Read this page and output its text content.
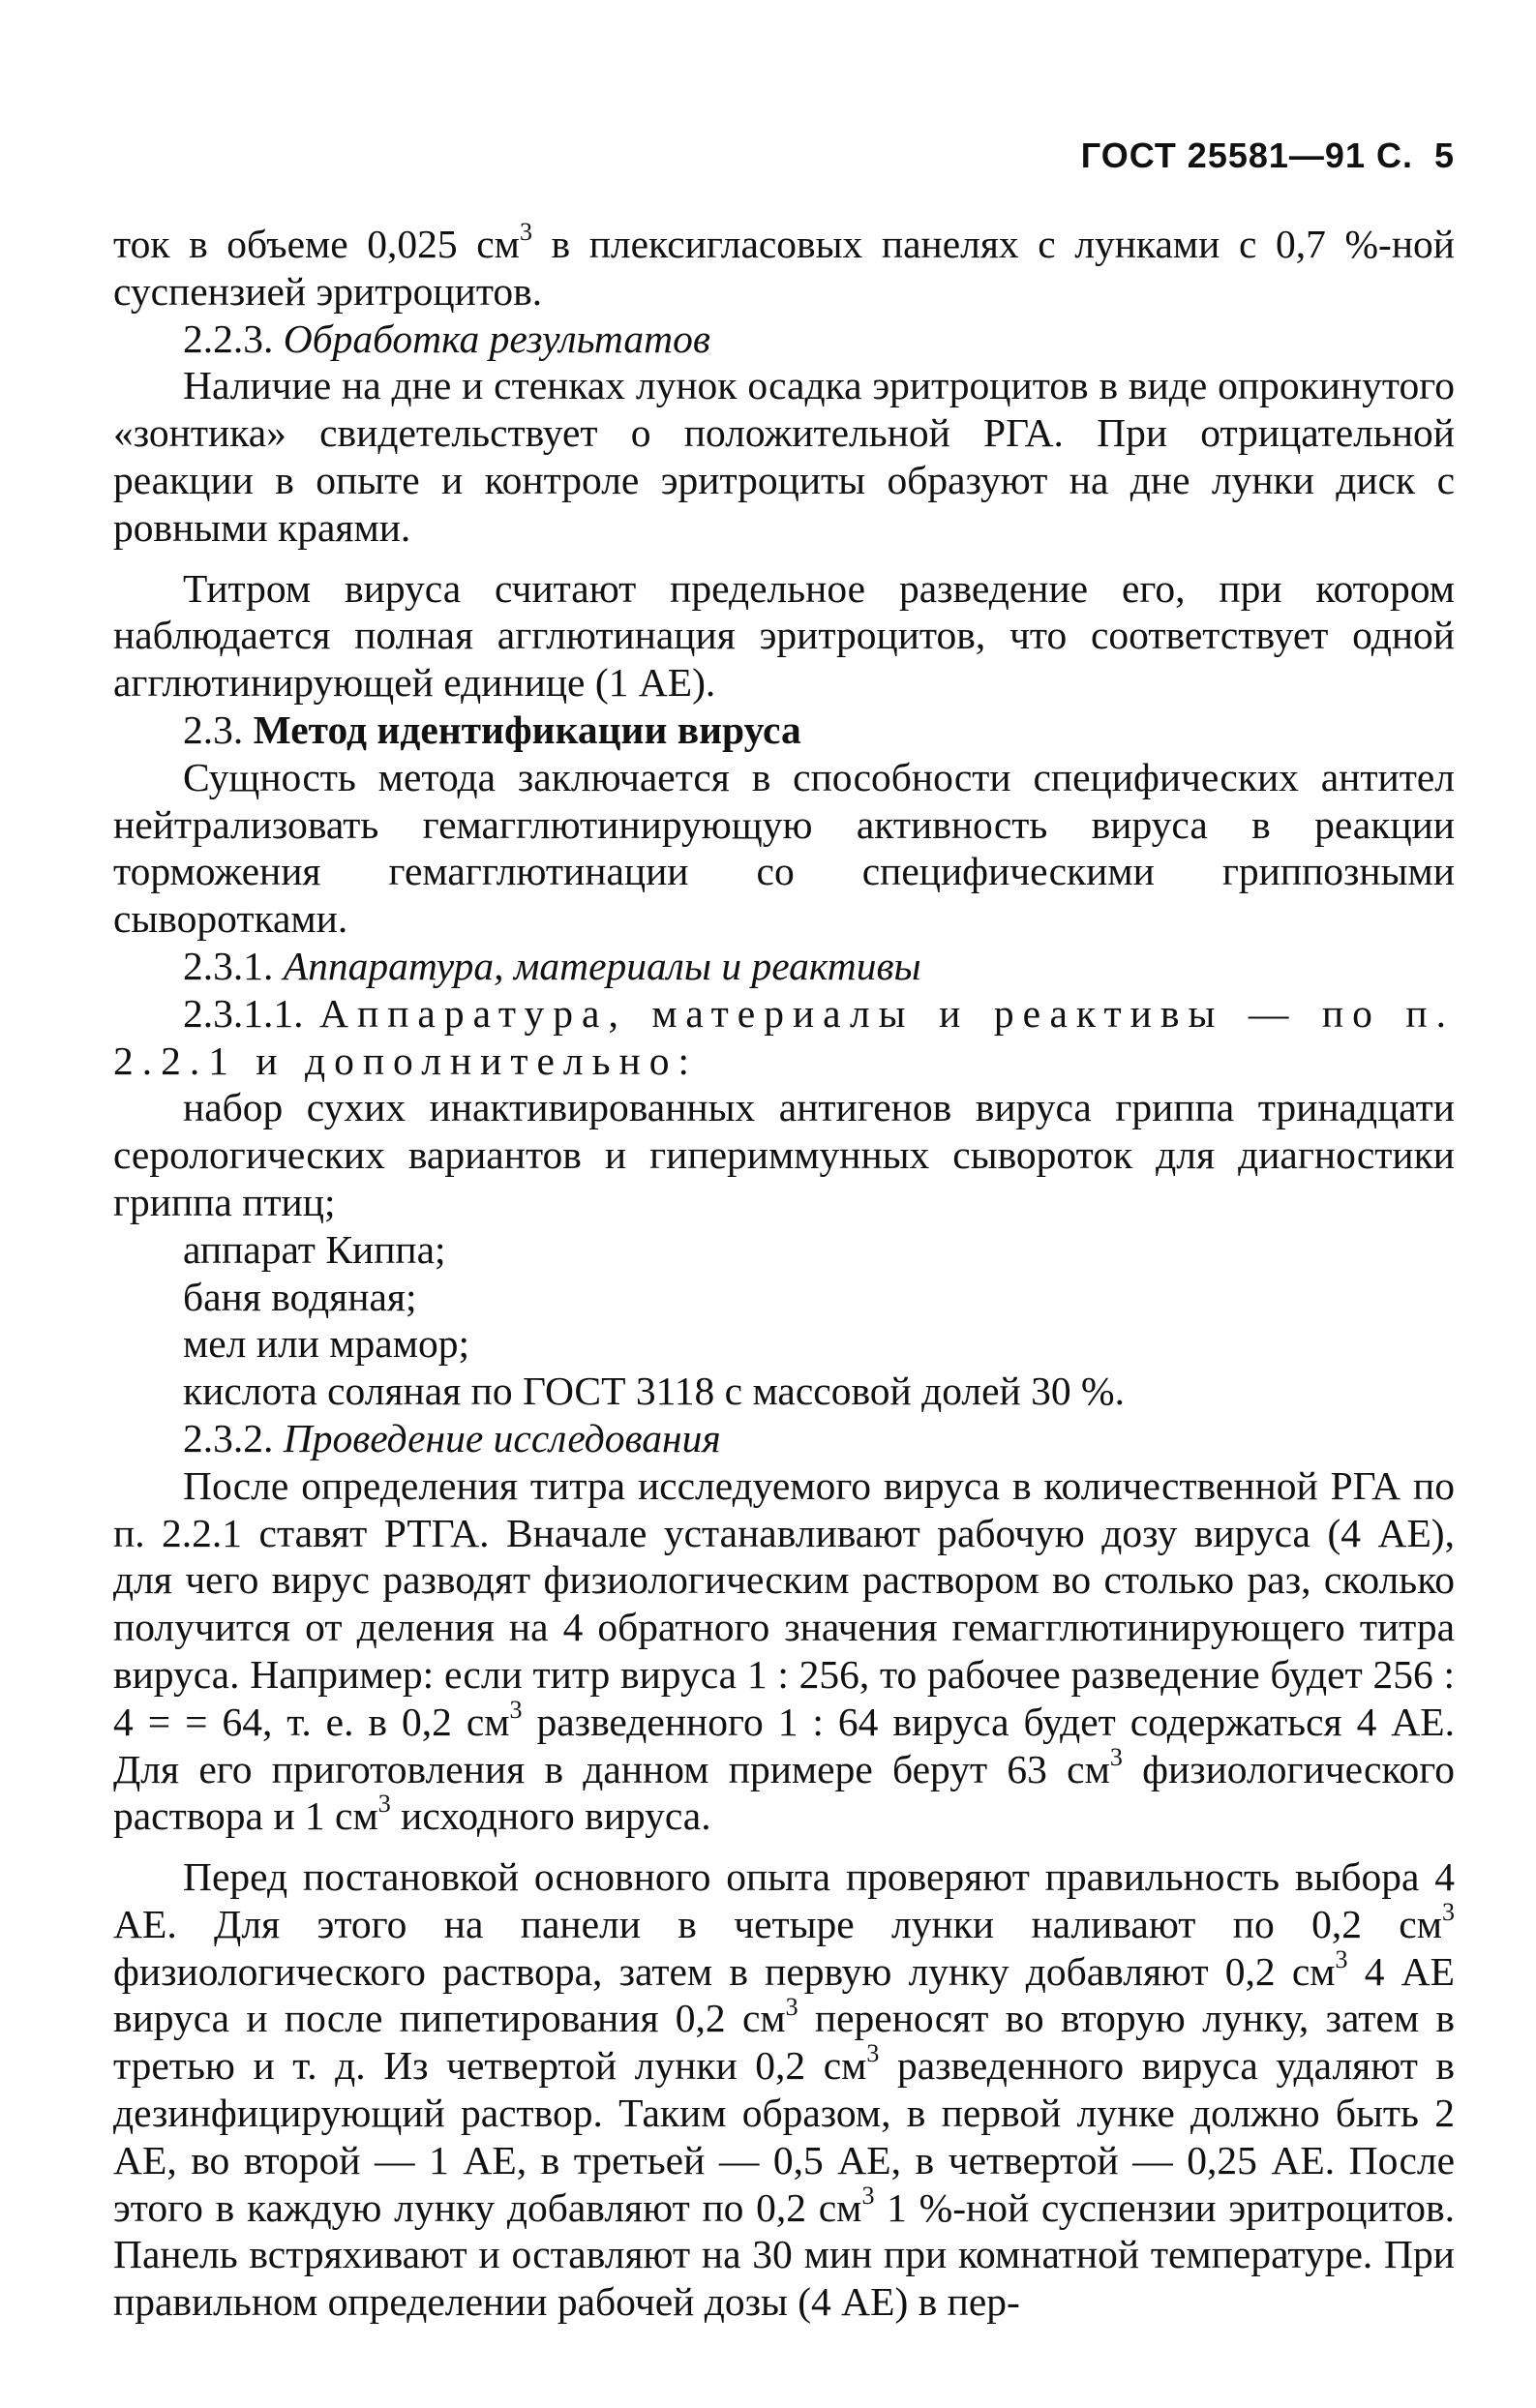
ГОСТ 25581—91 С.  5

ток в объеме 0,025 $см^3$ в плексигласовых панелях с лунками с 0,7 %-ной суспензией эритроцитов.

2.2.3. Обработка результатов

Наличие на дне и стенках лунок осадка эритроцитов в виде опрокинутого «зонтика» свидетельствует о положительной РГА. При отрицательной реакции в опыте и контроле эритроциты образуют на дне лунки диск с ровными краями.

Титром вируса считают предельное разведение его, при котором наблюдается полная агглютинация эритроцитов, что соответствует одной агглютинирующей единице (1 АЕ).

2.3. Метод идентификации вируса

Сущность метода заключается в способности специфических антител нейтрализовать гемагглютинирующую активность вируса в реакции торможения гемагглютинации со специфическими гриппозными сыворотками.

2.3.1. Аппаратура, материалы и реактивы

2.3.1.1. Аппаратура, материалы и реактивы — по п. 2.2.1 и дополнительно:

набор сухих инактивированных антигенов вируса гриппа тринадцати серологических вариантов и гипериммунных сывороток для диагностики гриппа птиц;

аппарат Киппа;

баня водяная;

мел или мрамор;

кислота соляная по ГОСТ 3118 с массовой долей 30 %.

2.3.2. Проведение исследования

После определения титра исследуемого вируса в количественной РГА по п. 2.2.1 ставят РТГА. Вначале устанавливают рабочую дозу вируса (4 АЕ), для чего вирус разводят физиологическим раствором во столько раз, сколько получится от деления на 4 обратного значения гемагглютинирующего титра вируса. Например: если титр вируса 1 : 256, то рабочее разведение будет 256 : 4 = = 64, т. е. в 0,2 $см^3$ разведенного 1 : 64 вируса будет содержаться 4 АЕ. Для его приготовления в данном примере берут 63 $см^3$ физиологического раствора и 1 $см^3$ исходного вируса.

Перед постановкой основного опыта проверяют правильность выбора 4 АЕ. Для этого на панели в четыре лунки наливают по 0,2 $см^3$ физиологического раствора, затем в первую лунку добавляют 0,2 $см^3$ 4 АЕ вируса и после пипетирования 0,2 $см^3$ переносят во вторую лунку, затем в третью и т. д. Из четвертой лунки 0,2 $см^3$ разведенного вируса удаляют в дезинфицирующий раствор. Таким образом, в первой лунке должно быть 2 АЕ, во второй — 1 АЕ, в третьей — 0,5 АЕ, в четвертой — 0,25 АЕ. После этого в каждую лунку добавляют по 0,2 $см^3$ 1 %-ной суспензии эритроцитов. Панель встряхивают и оставляют на 30 мин при комнатной температуре. При правильном определении рабочей дозы (4 АЕ) в пер-
